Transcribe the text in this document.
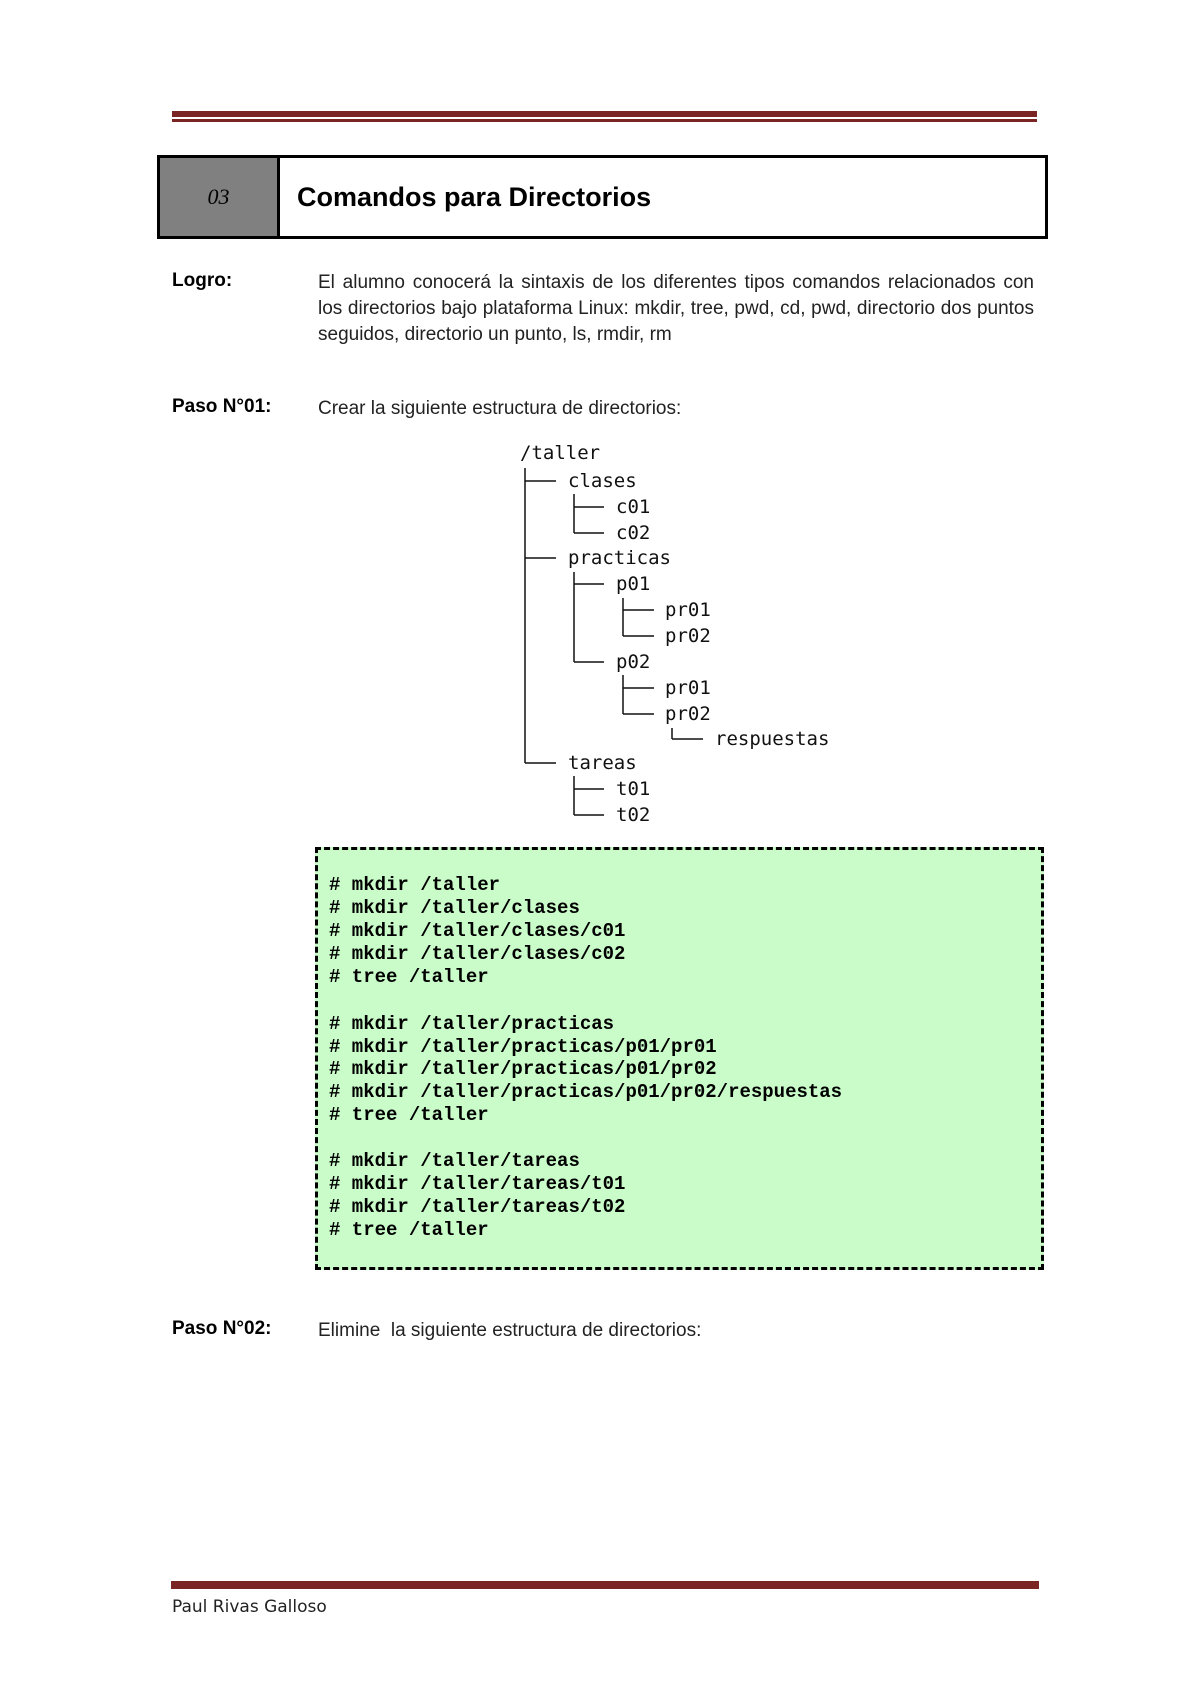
03	Comandos para Directorios
Logro:	El alumno conocerá la sintaxis de los diferentes tipos comandos relacionados con los directorios bajo plataforma Linux: mkdir, tree, pwd, cd, pwd, directorio dos puntos seguidos, directorio un punto, ls, rmdir, rm
Paso N°01: Crear la siguiente estructura de directorios:
/taller
clases
c01
c02
practicas
p01
pr01
pr02
p02
pr01
pr02
respuestas
tareas
t01
t02
# mkdir /taller
# mkdir /taller/clases
# mkdir /taller/clases/c01
# mkdir /taller/clases/c02
# tree /taller
# mkdir /taller/practicas
# mkdir /taller/practicas/p01/pr01
# mkdir /taller/practicas/p01/pr02
# mkdir /taller/practicas/p01/pr02/respuestas
# tree /taller
# mkdir /taller/tareas
# mkdir /taller/tareas/t01
# mkdir /taller/tareas/t02
# tree /taller
Paso N°02: Elimine  la siguiente estructura de directorios:
Paul Rivas Galloso
